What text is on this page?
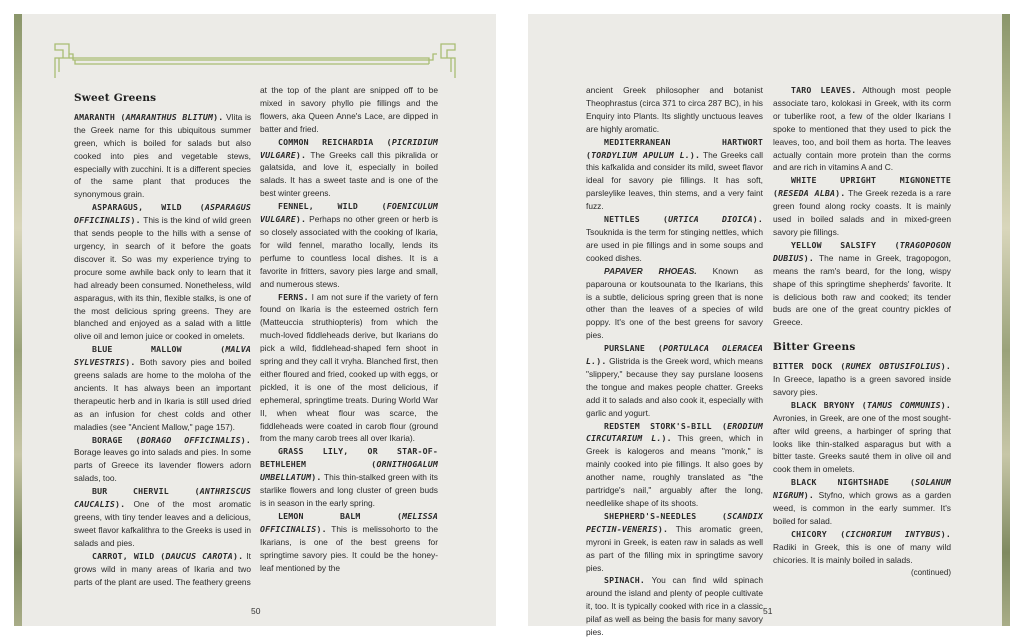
Sweet Greens

AMARANTH (AMARANTHUS BLITUM). Vlita is the Greek name for this ubiquitous summer green, which is boiled for salads but also cooked into pies and vegetable stews, especially with zucchini. It is a different species of the same plant that produces the synonymous grain.

ASPARAGUS, WILD (ASPARAGUS OFFICINALIS). This is the kind of wild green that sends people to the hills with a sense of urgency, in search of it before the goats discover it. So was my experience trying to procure some awhile back only to learn that it had already been consumed. Nonetheless, wild asparagus, with its thin, flexible stalks, is one of the most delicious spring greens. They are blanched and enjoyed as a salad with a little olive oil and lemon juice or cooked in omelets.

BLUE MALLOW (MALVA SYLVESTRIS). Both savory pies and boiled greens salads are home to the moloha of the ancients. It has always been an important therapeutic herb and in Ikaria is still used dried as an infusion for chest colds and other maladies (see "Ancient Mallow," page 157).

BORAGE (BORAGO OFFICINALIS). Borage leaves go into salads and pies. In some parts of Greece its lavender flowers adorn salads, too.

BUR CHERVIL (ANTHRISCUS CAUCALIS). One of the most aromatic greens, with tiny tender leaves and a delicious, sweet flavor kafkalithra to the Greeks is used in salads and pies.

CARROT, WILD (DAUCUS CAROTA). It grows wild in many areas of Ikaria and two parts of the plant are used. The feathery greens

at the top of the plant are snipped off to be mixed in savory phyllo pie fillings and the flowers, aka Queen Anne's Lace, are dipped in batter and fried.

COMMON REICHARDIA (PICRIDIUM VULGARE). The Greeks call this pikralida or galatsida, and love it, especially in boiled salads. It has a sweet taste and is one of the best winter greens.

FENNEL, WILD (FOENICULUM VULGARE). Perhaps no other green or herb is so closely associated with the cooking of Ikaria, for wild fennel, maratho locally, lends its perfume to countless local dishes. It is a favorite in fritters, savory pies large and small, and numerous stews.

FERNS. I am not sure if the variety of fern found on Ikaria is the esteemed ostrich fern (Matteuccia struthiopteris) from which the much-loved fiddleheads derive, but Ikarians do pick a wild, fiddlehead-shaped fern shoot in spring and they call it vryha. Blanched first, then either floured and fried, cooked up with eggs, or pickled, it is one of the most delicious, if ephemeral, springtime treats. During World War II, when wheat flour was scarce, the fiddleheads were coated in carob flour (ground from the many carob trees all over Ikaria).

GRASS LILY, OR STAR-OF-BETHLEHEM (ORNITHOGALUM UMBELLATUM). This thin-stalked green with its starlike flowers and long cluster of green buds is in season in the early spring.

LEMON BALM (MELISSA OFFICINALIS). This is melissohorto to the Ikarians, is one of the best greens for springtime savory pies. It could be the honey-leaf mentioned by the

50

ancient Greek philosopher and botanist Theophrastus (circa 371 to circa 287 BC), in his Enquiry into Plants. Its slightly unctuous leaves are highly aromatic.

MEDITERRANEAN HARTWORT (TORDYLIUM APULUM L.). The Greeks call this kafkalida and consider its mild, sweet flavor ideal for savory pie fillings. It has soft, parsleylike leaves, thin stems, and a very faint fuzz.

NETTLES (URTICA DIOICA). Tsouknida is the term for stinging nettles, which are used in pie fillings and in some soups and cooked dishes.

PAPAVER RHOEAS. Known as paparouna or koutsounata to the Ikarians, this is a subtle, delicious spring green that is none other than the leaves of a species of wild poppy. It's one of the best greens for savory pies.

PURSLANE (PORTULACA OLERACEA L.). Glistrida is the Greek word, which means "slippery," because they say purslane loosens the tongue and makes people chatter. Greeks add it to salads and also cook it, especially with garlic and yogurt.

REDSTEM STORK'S-BILL (ERODIUM CIRCUTARIUM L.). This green, which in Greek is kalogeros and means "monk," is mainly cooked into pie fillings. It also goes by another name, roughly translated as "the partridge's nail," arguably after the long, needlelike shape of its shoots.

SHEPHERD'S-NEEDLES (SCANDIX PECTIN-VENERIS). This aromatic green, myroni in Greek, is eaten raw in salads as well as part of the filling mix in springtime savory pies.

SPINACH. You can find wild spinach around the island and plenty of people cultivate it, too. It is typically cooked with rice in a classic pilaf as well as being the basis for many savory pies.

TARO LEAVES. Although most people associate taro, kolokasi in Greek, with its corm or tuberlike root, a few of the older Ikarians I spoke to mentioned that they used to pick the leaves, too, and boil them as horta. The leaves actually contain more protein than the corms and are rich in vitamins A and C.

WHITE UPRIGHT MIGNONETTE (RESEDA ALBA). The Greek rezeda is a rare green found along rocky coasts. It is mainly used in boiled salads and in mixed-green savory pie fillings.

YELLOW SALSIFY (TRAGOPOGON DUBIUS). The name in Greek, tragopogon, means the ram's beard, for the long, wispy shape of this springtime shepherds' favorite. It is delicious both raw and cooked; its tender buds are one of the great country pickles of Greece.

Bitter Greens

BITTER DOCK (RUMEX OBTUSIFOLIUS). In Greece, lapatho is a green savored inside savory pies.

BLACK BRYONY (TAMUS COMMUNIS). Avronies, in Greek, are one of the most sought-after wild greens, a harbinger of spring that looks like thin-stalked asparagus but with a bitter taste. Greeks sauté them in olive oil and cook them in omelets.

BLACK NIGHTSHADE (SOLANUM NIGRUM). Styfno, which grows as a garden weed, is common in the early summer. It's boiled for salad.

CHICORY (CICHORIUM INTYBUS). Radiki in Greek, this is one of many wild chicories. It is mainly boiled in salads.

(continued)

51
